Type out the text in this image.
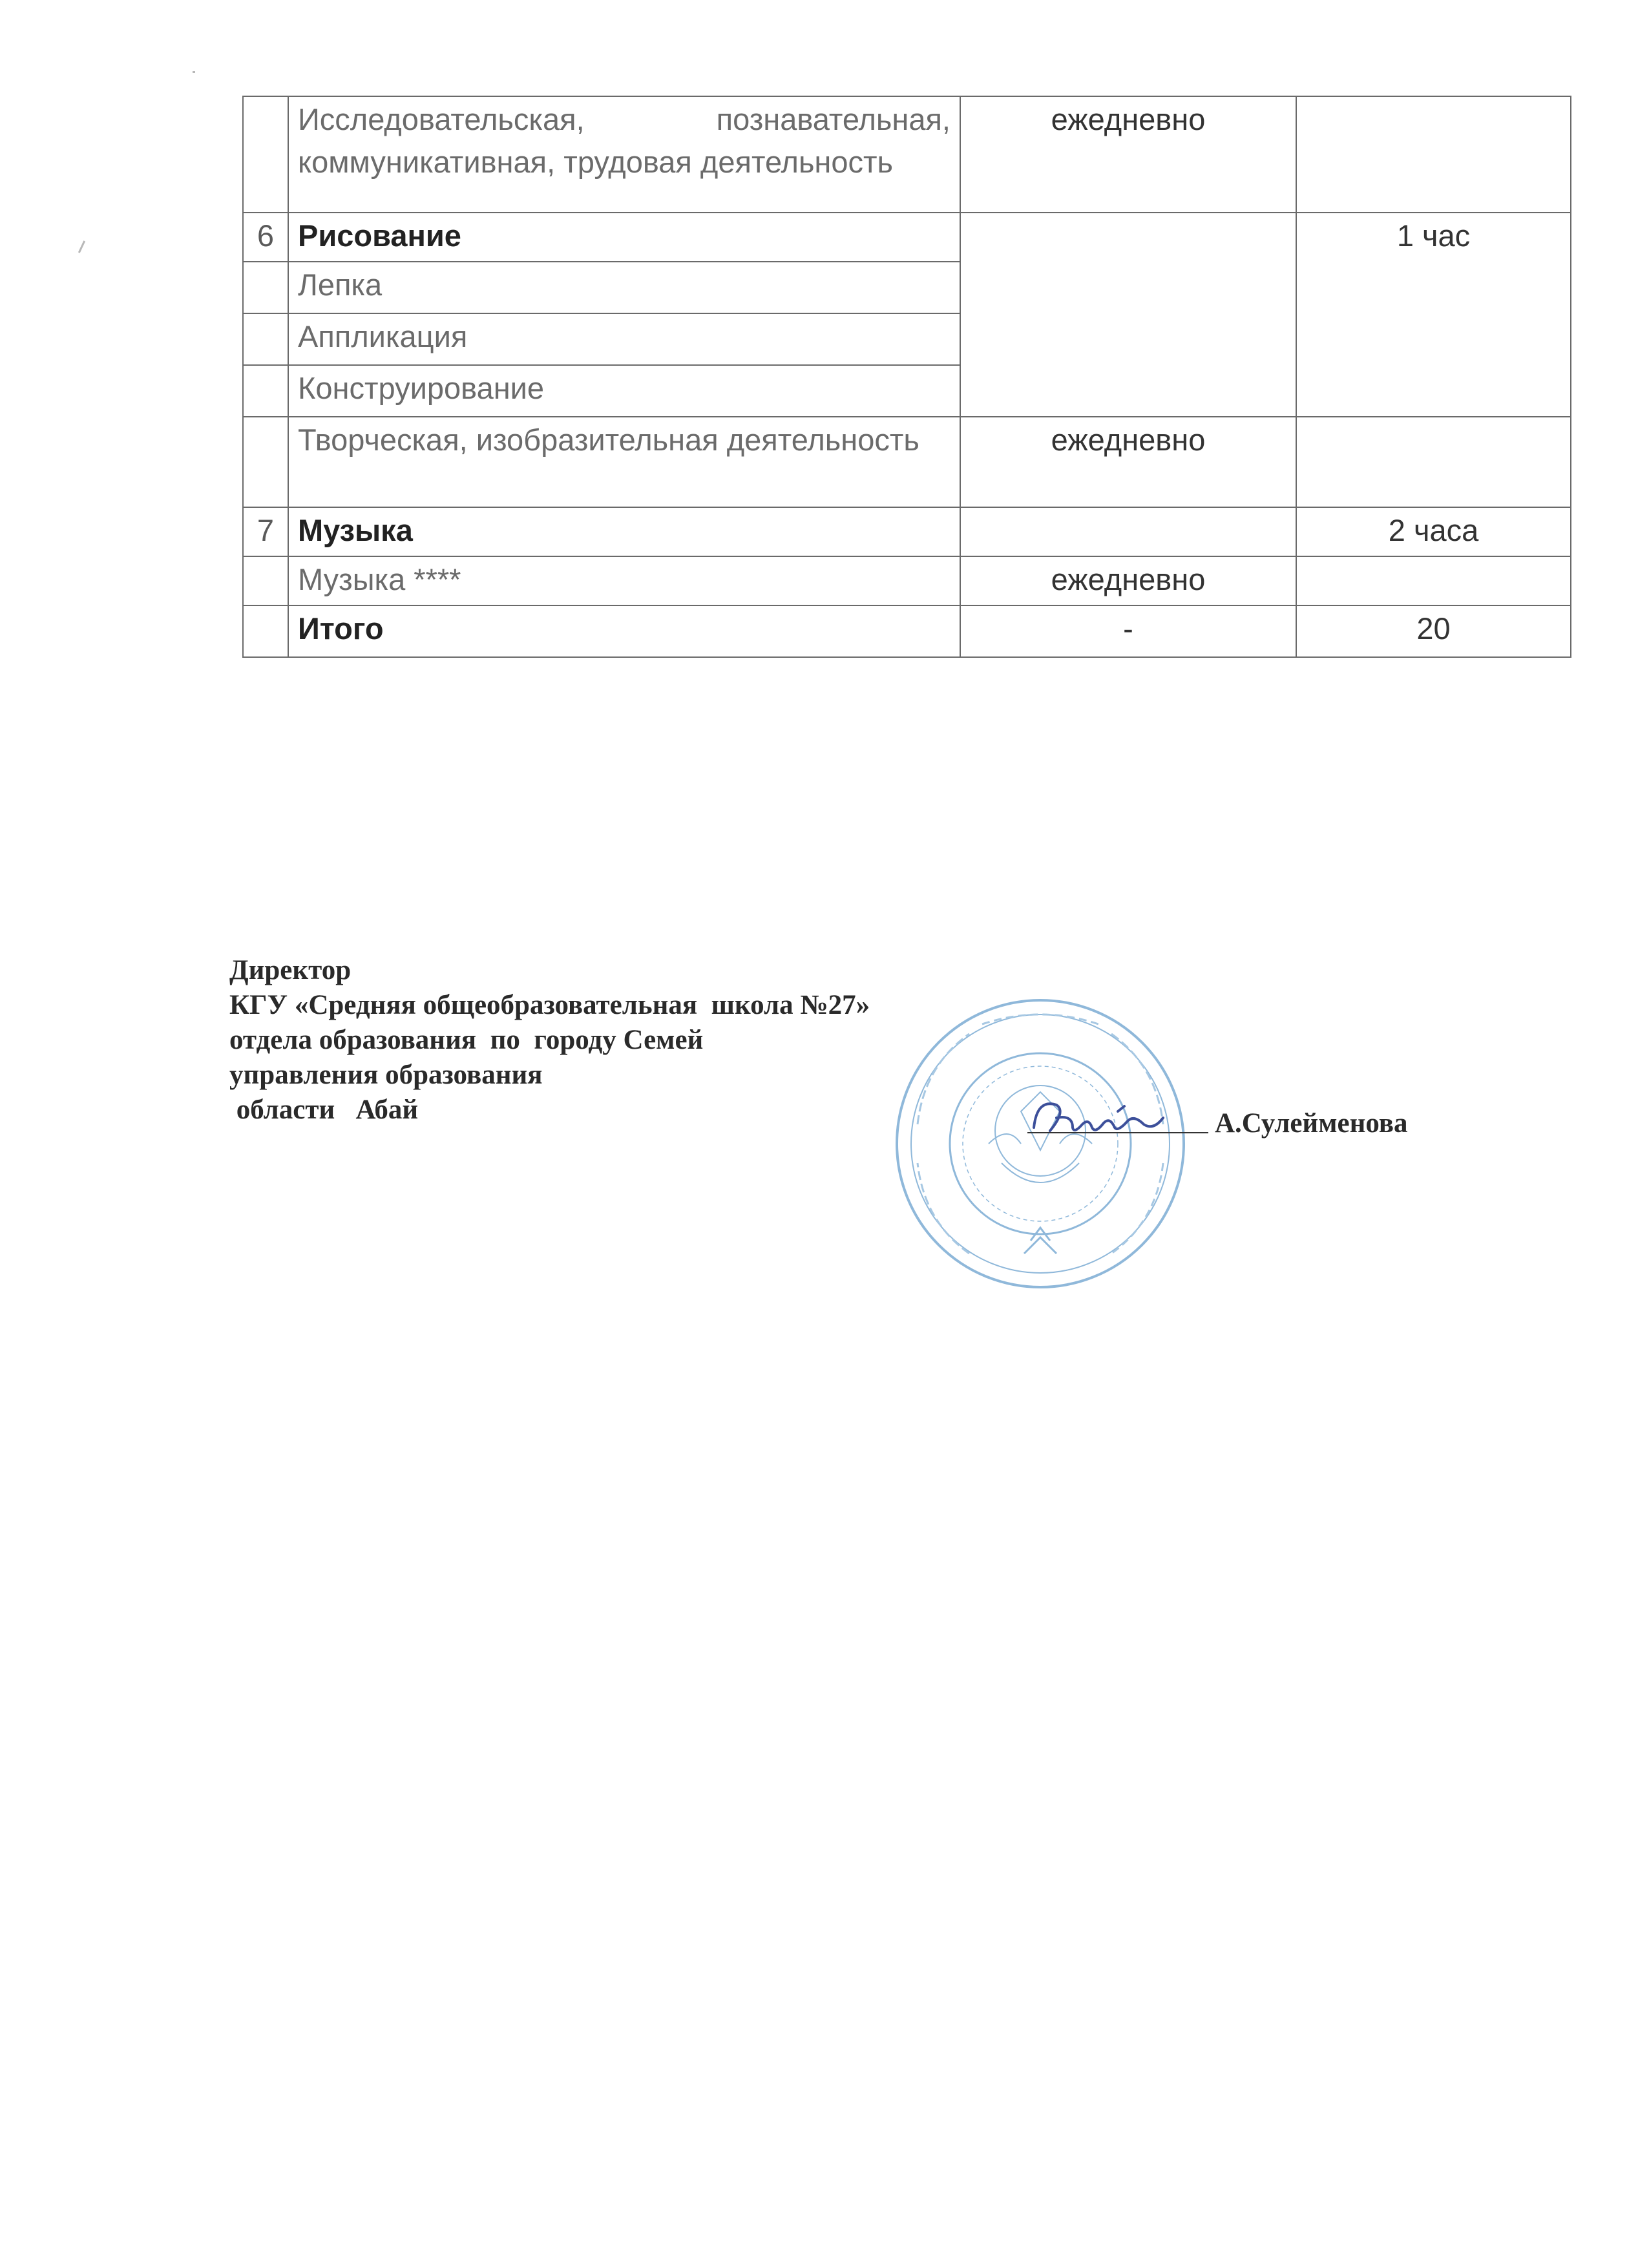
	Исследовательская, познавательная, коммуникативная, трудовая деятельность	ежедневно	
6	Рисование		1 час
	Лепка		
	Аппликация		
	Конструирование		
	Творческая, изобразительная деятельность	ежедневно	
7	Музыка		2 часа
	Музыка ****	ежедневно	
	Итого	-	20
Директор
КГУ «Средняя общеобразовательная  школа №27»
отдела образования  по  городу Семей
управления образования
области   Абай	А.Сулейменова
